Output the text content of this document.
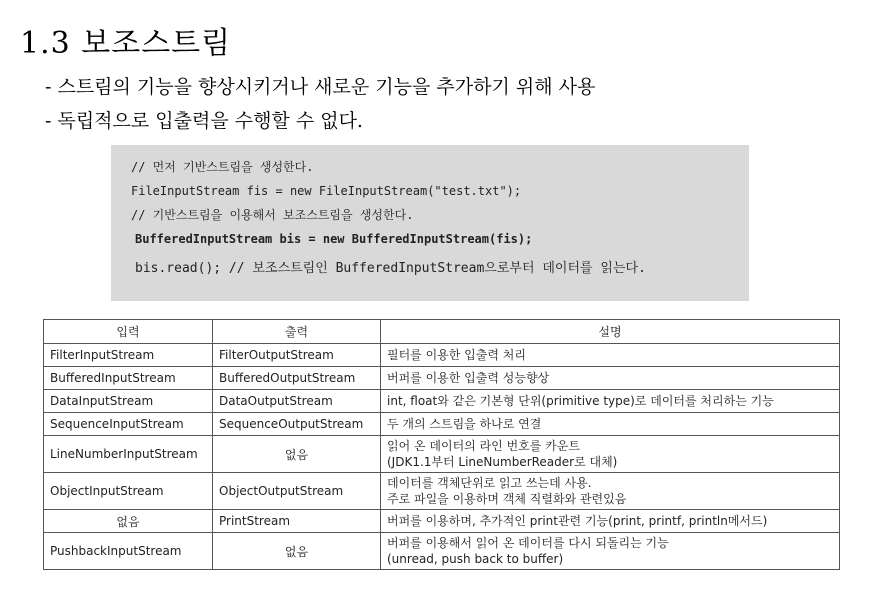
1.3 보조스트림
- 스트림의 기능을 향상시키거나 새로운 기능을 추가하기 위해 사용
- 독립적으로 입출력을 수행할 수 없다.
// 먼저 기반스트림을 생성한다.
FileInputStream fis = new FileInputStream("test.txt");
// 기반스트림을 이용해서 보조스트림을 생성한다.
BufferedInputStream bis = new BufferedInputStream(fis);
bis.read(); // 보조스트림인 BufferedInputStream으로부터 데이터를 읽는다.
입력	출력	설명
FilterInputStream	FilterOutputStream	필터를 이용한 입출력 처리
BufferedInputStream	BufferedOutputStream	버퍼를 이용한 입출력 성능향상
DataInputStream	DataOutputStream	int, float와 같은 기본형 단위(primitive type)로 데이터를 처리하는 기능
SequenceInputStream	SequenceOutputStream	두 개의 스트림을 하나로 연결
LineNumberInputStream	없음	읽어 온 데이터의 라인 번호를 카운트
(JDK1.1부터 LineNumberReader로 대체)
ObjectInputStream	ObjectOutputStream	데이터를 객체단위로 읽고 쓰는데 사용.
주로 파일을 이용하며 객체 직렬화와 관련있음
없음	PrintStream	버퍼를 이용하며, 추가적인 print관련 기능(print, printf, println메서드)
PushbackInputStream	없음	버퍼를 이용해서 읽어 온 데이터를 다시 되돌리는 기능
(unread, push back to buffer)
